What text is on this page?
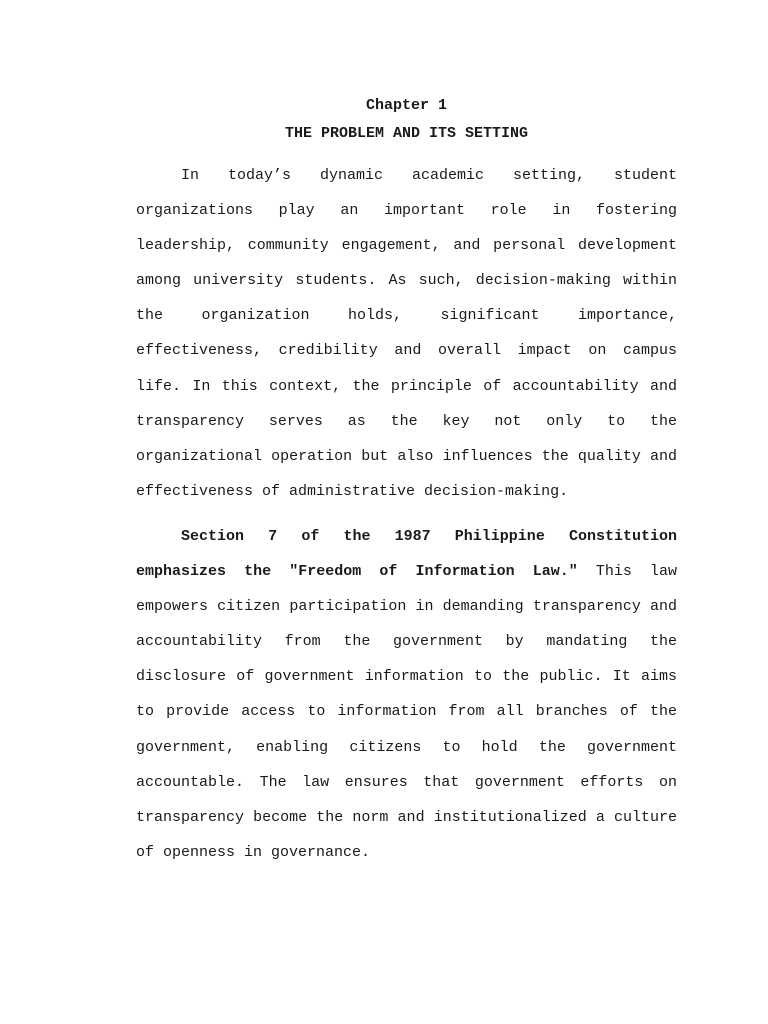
Chapter 1

THE PROBLEM AND ITS SETTING

In today’s dynamic academic setting, student organizations play an important role in fostering leadership, community engagement, and personal development among university students. As such, decision-making within the organization holds, significant importance, effectiveness, credibility and overall impact on campus life. In this context, the principle of accountability and transparency serves as the key not only to the organizational operation but also influences the quality and effectiveness of administrative decision-making.

Section 7 of the 1987 Philippine Constitution emphasizes the "Freedom of Information Law." This law empowers citizen participation in demanding transparency and accountability from the government by mandating the disclosure of government information to the public. It aims to provide access to information from all branches of the government, enabling citizens to hold the government accountable. The law ensures that government efforts on transparency become the norm and institutionalized a culture of openness in governance.
